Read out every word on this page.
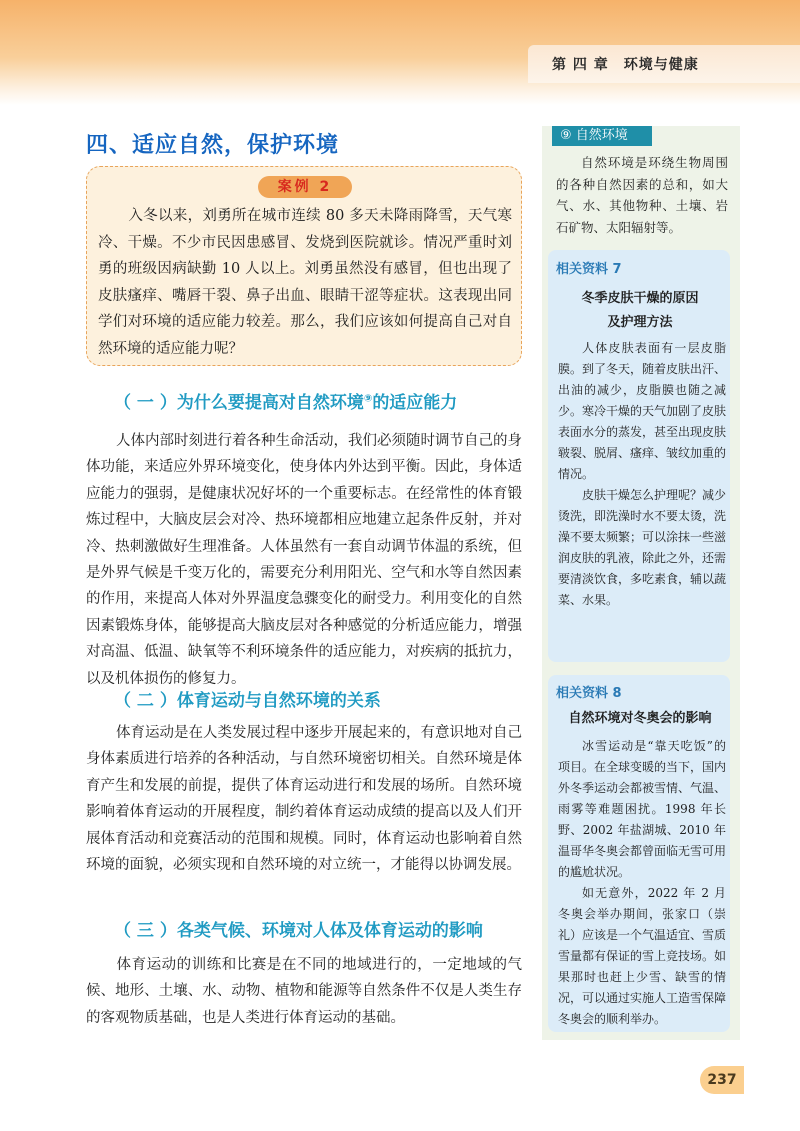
第 四 章　环境与健康
四、适应自然，保护环境
案例 2
入冬以来，刘勇所在城市连续 80 多天未降雨降雪，天气寒冷、干燥。不少市民因患感冒、发烧到医院就诊。情况严重时刘勇的班级因病缺勤 10 人以上。刘勇虽然没有感冒，但也出现了皮肤瘙痒、嘴唇干裂、鼻子出血、眼睛干涩等症状。这表现出同学们对环境的适应能力较差。那么，我们应该如何提高自己对自然环境的适应能力呢？
（ 一 ）为什么要提高对自然环境⑨的适应能力
人体内部时刻进行着各种生命活动，我们必须随时调节自己的身体功能，来适应外界环境变化，使身体内外达到平衡。因此，身体适应能力的强弱，是健康状况好坏的一个重要标志。在经常性的体育锻炼过程中，大脑皮层会对冷、热环境都相应地建立起条件反射，并对冷、热刺激做好生理准备。人体虽然有一套自动调节体温的系统，但是外界气候是千变万化的，需要充分利用阳光、空气和水等自然因素的作用，来提高人体对外界温度急骤变化的耐受力。利用变化的自然因素锻炼身体，能够提高大脑皮层对各种感觉的分析适应能力，增强对高温、低温、缺氧等不利环境条件的适应能力，对疾病的抵抗力，以及机体损伤的修复力。
（ 二 ）体育运动与自然环境的关系
体育运动是在人类发展过程中逐步开展起来的，有意识地对自己身体素质进行培养的各种活动，与自然环境密切相关。自然环境是体育产生和发展的前提，提供了体育运动进行和发展的场所。自然环境影响着体育运动的开展程度，制约着体育运动成绩的提高以及人们开展体育活动和竞赛活动的范围和规模。同时，体育运动也影响着自然环境的面貌，必须实现和自然环境的对立统一，才能得以协调发展。
（ 三 ）各类气候、环境对人体及体育运动的影响
体育运动的训练和比赛是在不同的地域进行的，一定地域的气候、地形、土壤、水、动物、植物和能源等自然条件不仅是人类生存的客观物质基础，也是人类进行体育运动的基础。
⑨ 自然环境
自然环境是环绕生物周围的各种自然因素的总和，如大气、水、其他物种、土壤、岩石矿物、太阳辐射等。
相关资料 7
冬季皮肤干燥的原因
及护理方法

人体皮肤表面有一层皮脂膜。到了冬天，随着皮肤出汗、出油的减少，皮脂膜也随之减少。寒冷干燥的天气加剧了皮肤表面水分的蒸发，甚至出现皮肤皲裂、脱屑、瘙痒、皱纹加重的情况。

皮肤干燥怎么护理呢？减少烫洗，即洗澡时水不要太烫，洗澡不要太频繁；可以涂抹一些滋润皮肤的乳液，除此之外，还需要清淡饮食，多吃素食，辅以蔬菜、水果。

相关资料 8
自然环境对冬奥会的影响

冰雪运动是“靠天吃饭”的项目。在全球变暖的当下，国内外冬季运动会都被雪情、气温、雨雾等难题困扰。1998 年长野、2002 年盐湖城、2010 年温哥华冬奥会都曾面临无雪可用的尴尬状况。

如无意外，2022 年 2 月冬奥会举办期间，张家口（崇礼）应该是一个气温适宜、雪质雪量都有保证的雪上竞技场。如果那时也赶上少雪、缺雪的情况，可以通过实施人工造雪保障冬奥会的顺利举办。

237
